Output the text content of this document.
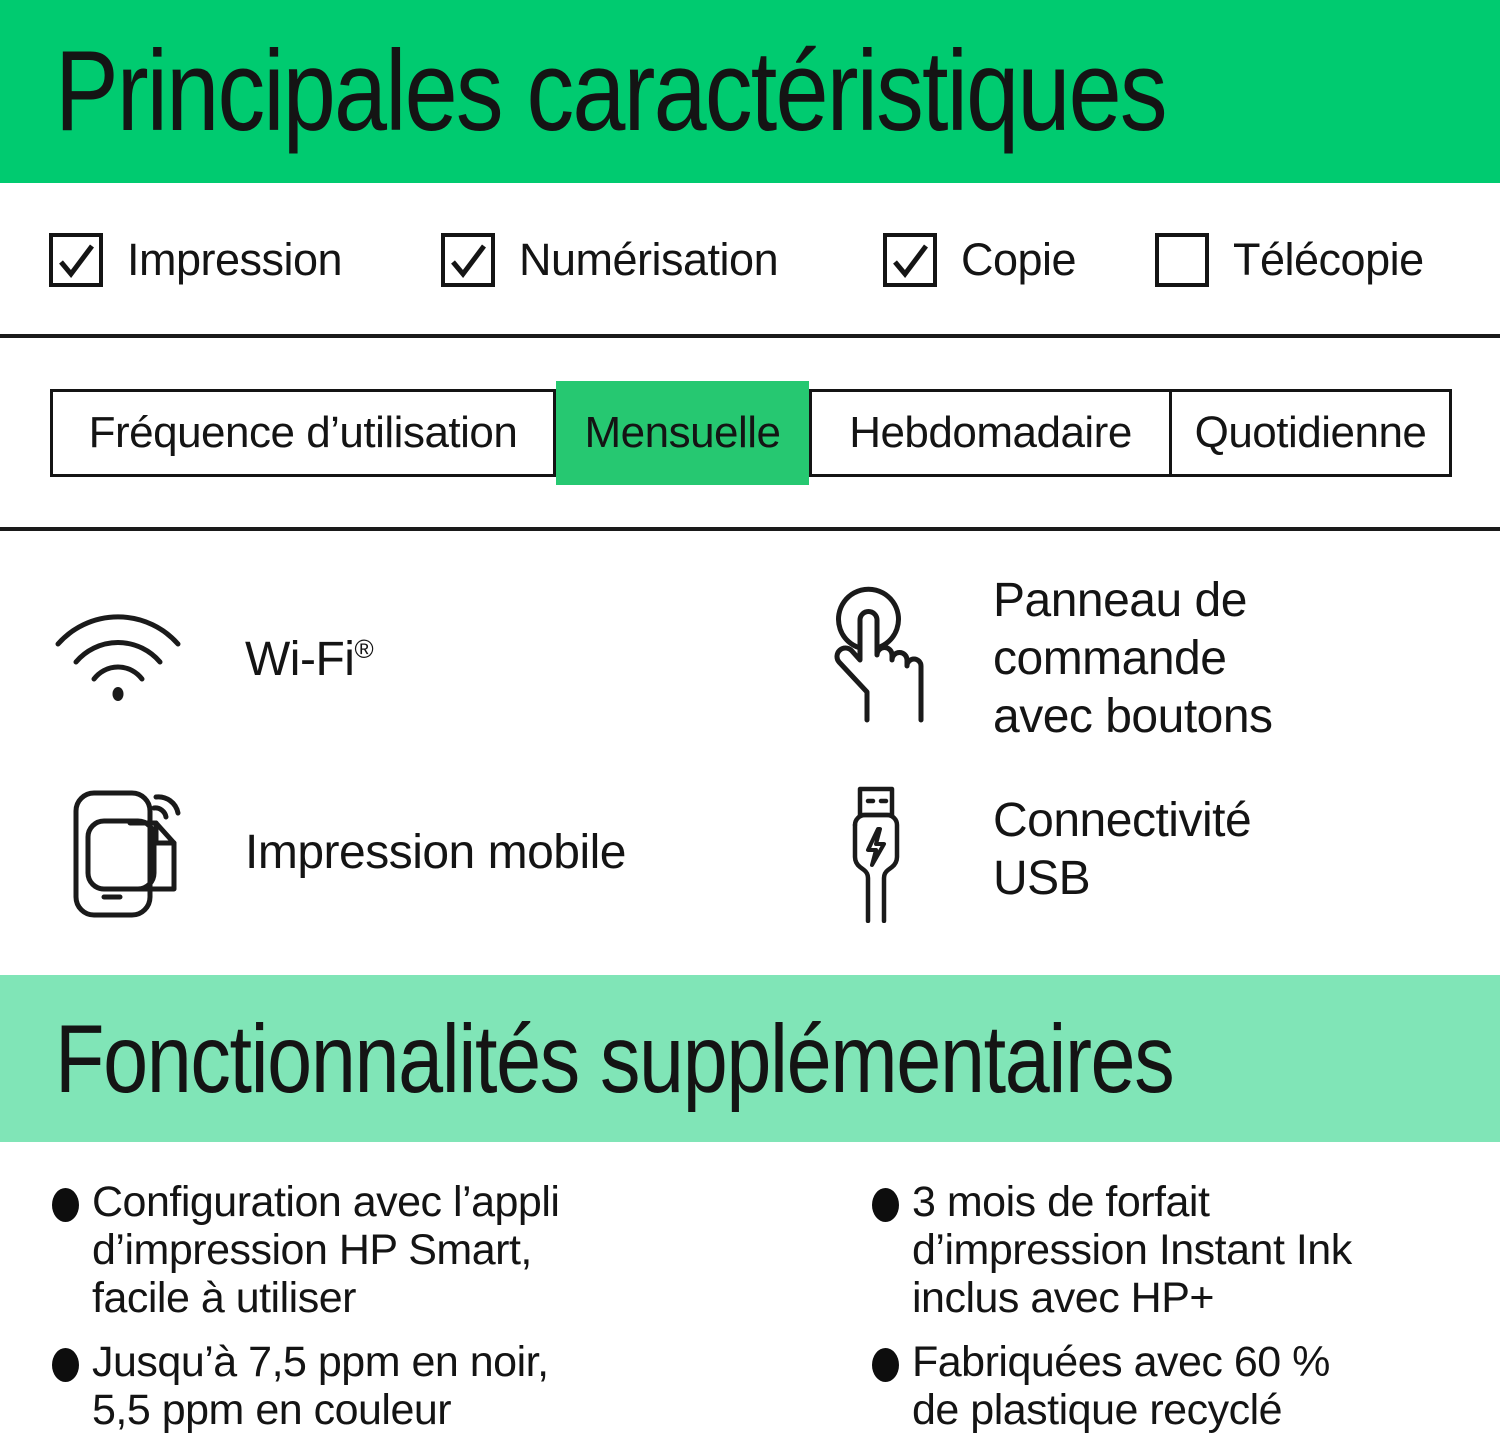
Principales caractéristiques
Impression	Numérisation	Copie	Télécopie
Fréquence d’utilisation	Hebdomadaire	Quotidienne
Mensuelle
Wi-Fi®
Panneau de
commande
avec boutons
Impression mobile
Connectivité
USB
Fonctionnalités supplémentaires
Configuration avec l’appli
d’impression HP Smart,
facile à utiliser
Jusqu’à 7,5 ppm en noir,
5,5 ppm en couleur
3 mois de forfait
d’impression Instant Ink
inclus avec HP+
Fabriquées avec 60 %
de plastique recyclé
